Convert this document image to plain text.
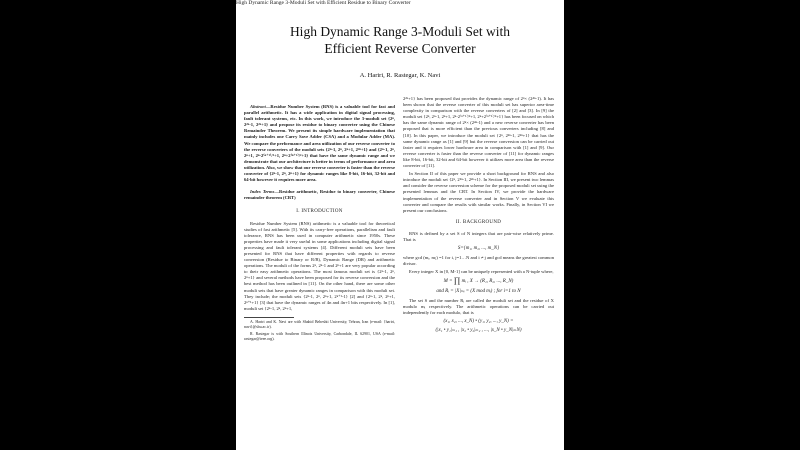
High Dynamic Range 3-Moduli Set with Efficient Residue to Binary Converter
High Dynamic Range 3-Moduli Set with
Efficient Reverse Converter
A. Hariri, R. Rastegar, K. Navi

Abstract—Residue Number System (RNS) is a valuable tool for fast and parallel arithmetic. It has a wide application in digital signal processing, fault tolerant systems, etc. In this work, we introduce the 3-moduli set {2ⁿ, 2²ⁿ-1, 2²ⁿ+1} and propose its residue to binary converter using the Chinese Remainder Theorem. We present its simple hardware implementation that mainly includes one Carry Save Adder (CSA) and a Modular Adder (MA). We compare the performance and area utilization of our reverse converter to the reverse converters of the moduli sets {2ⁿ-1, 2ⁿ, 2ⁿ+1, 2²ⁿ+1} and {2ⁿ-1, 2ⁿ, 2ⁿ+1, 2ⁿ-2⁽ⁿ⁺¹⁾/²+1, 2ⁿ+2⁽ⁿ⁺¹⁾/²+1} that have the same dynamic range and we demonstrate that our architecture is better in terms of performance and area utilization. Also, we show that our reverse converter is faster than the reverse converter of {2ⁿ-1, 2ⁿ, 2ⁿ+1} for dynamic ranges like 8-bit, 16-bit, 32-bit and 64-bit however it requires more area.

Index Terms—Residue arithmetic, Residue to binary converter, Chinese remainder theorem (CRT)

I. INTRODUCTION

Residue Number System (RNS) arithmetic is a valuable tool for theoretical studies of fast arithmetic [5]. With its carry-free operations, parallelism and fault tolerance, RNS has been used in computer arithmetic since 1950s. These properties have made it very useful in some applications including digital signal processing and fault tolerant systems [4]. Different moduli sets have been presented for RNS that have different properties with regards to reverse conversion (Residue to Binary or R/B), Dynamic Range (DR) and arithmetic operations. The moduli of the forms 2ⁿ, 2ⁿ-1 and 2ⁿ+1 are very popular according to their easy arithmetic operations. The most famous moduli set is {2ⁿ-1, 2ⁿ, 2ⁿ+1} and several methods have been proposed for its reverse conversion and the best method has been outlined in [11]. On the other hand, there are some other moduli sets that have greater dynamic ranges in comparison with this moduli set. They include; the moduli sets {2ⁿ-1, 2ⁿ, 2ⁿ+1, 2ⁿ⁺¹-1} [2] and {2ⁿ-1, 2ⁿ, 2ⁿ+1, 2ⁿ⁺¹+1} [3] that have the dynamic ranges of 4n and 4n+1 bits respectively. In [1], moduli set {2ⁿ-1, 2ⁿ, 2ⁿ+1,

A. Hariri and K. Navi are with Shahid Beheshti University, Tehran, Iran (e-mail: {hariri, navi}@sbu.ac.ir).

R. Rastegar is with Southern Illinois University, Carbondale, IL 62901, USA (e-mail: rastegar@ieee.org).

2²ⁿ+1} has been proposed that provides the dynamic range of 2ⁿ× (2⁴ⁿ-1). It has been shown that the reverse converter of this moduli set has superior area-time complexity in comparison with the reverse converters of [2] and [3]. In [9] the moduli set {2ⁿ, 2ⁿ-1, 2ⁿ+1, 2ⁿ-2⁽ⁿ⁺¹⁾/²+1, 2ⁿ+2⁽ⁿ⁺¹⁾/²+1} has been focused on which has the same dynamic range of 2ⁿ× (2⁴ⁿ-1) and a new reverse converter has been proposed that is more efficient than the previous converters including [8] and [10]. In this paper, we introduce the moduli set {2ⁿ, 2²ⁿ-1, 2²ⁿ+1} that has the same dynamic range as [1] and [9] but the reverse conversion can be carried out faster and it requires lower hardware area in comparison with [1] and [9]. Our reverse converter is faster than the reverse converter of [11] for dynamic ranges like 8-bit, 16-bit, 32-bit and 64-bit however it utilizes more area than the reverse converter of [11].

In Section II of this paper we provide a short background for RNS and also introduce the moduli set {2ⁿ, 2²ⁿ-1, 2²ⁿ+1}. In Section III, we present two lemmas and consider the reverse conversion scheme for the proposed moduli set using the presented lemmas and the CRT. In Section IV, we provide the hardware implementation of the reverse converter and in Section V we evaluate this converter and compare the results with similar works. Finally, in Section VI we present our conclusions.

II. BACKGROUND

RNS is defined by a set S of N integers that are pair-wise relatively prime. That is

S={m₁, m₂, ..., m_N}

where gcd (mᵢ, mⱼ) =1 for i, j=1…N and i ≠ j and gcd means the greatest common divisor.

Every integer X in [0, M-1] can be uniquely represented with a N-tuple where,

M = ∏ mᵢ , X → (R₁, R₂, ..., R_N)
and Rᵢ = |X|ₘᵢ = (X mod mᵢ) ; for i=1 to N

The set S and the number Rᵢ are called the moduli set and the residue of X modulo mᵢ respectively. The arithmetic operations can be carried out independently for each modulo, that is

(x₁, x₂, ..., x_N) • (y₁, y₂, ..., y_N) =
(|x₁ • y₁|ₘ₁ , |x₂ • y₂|ₘ₂ , ..., |x_N • y_N|ₘN)
